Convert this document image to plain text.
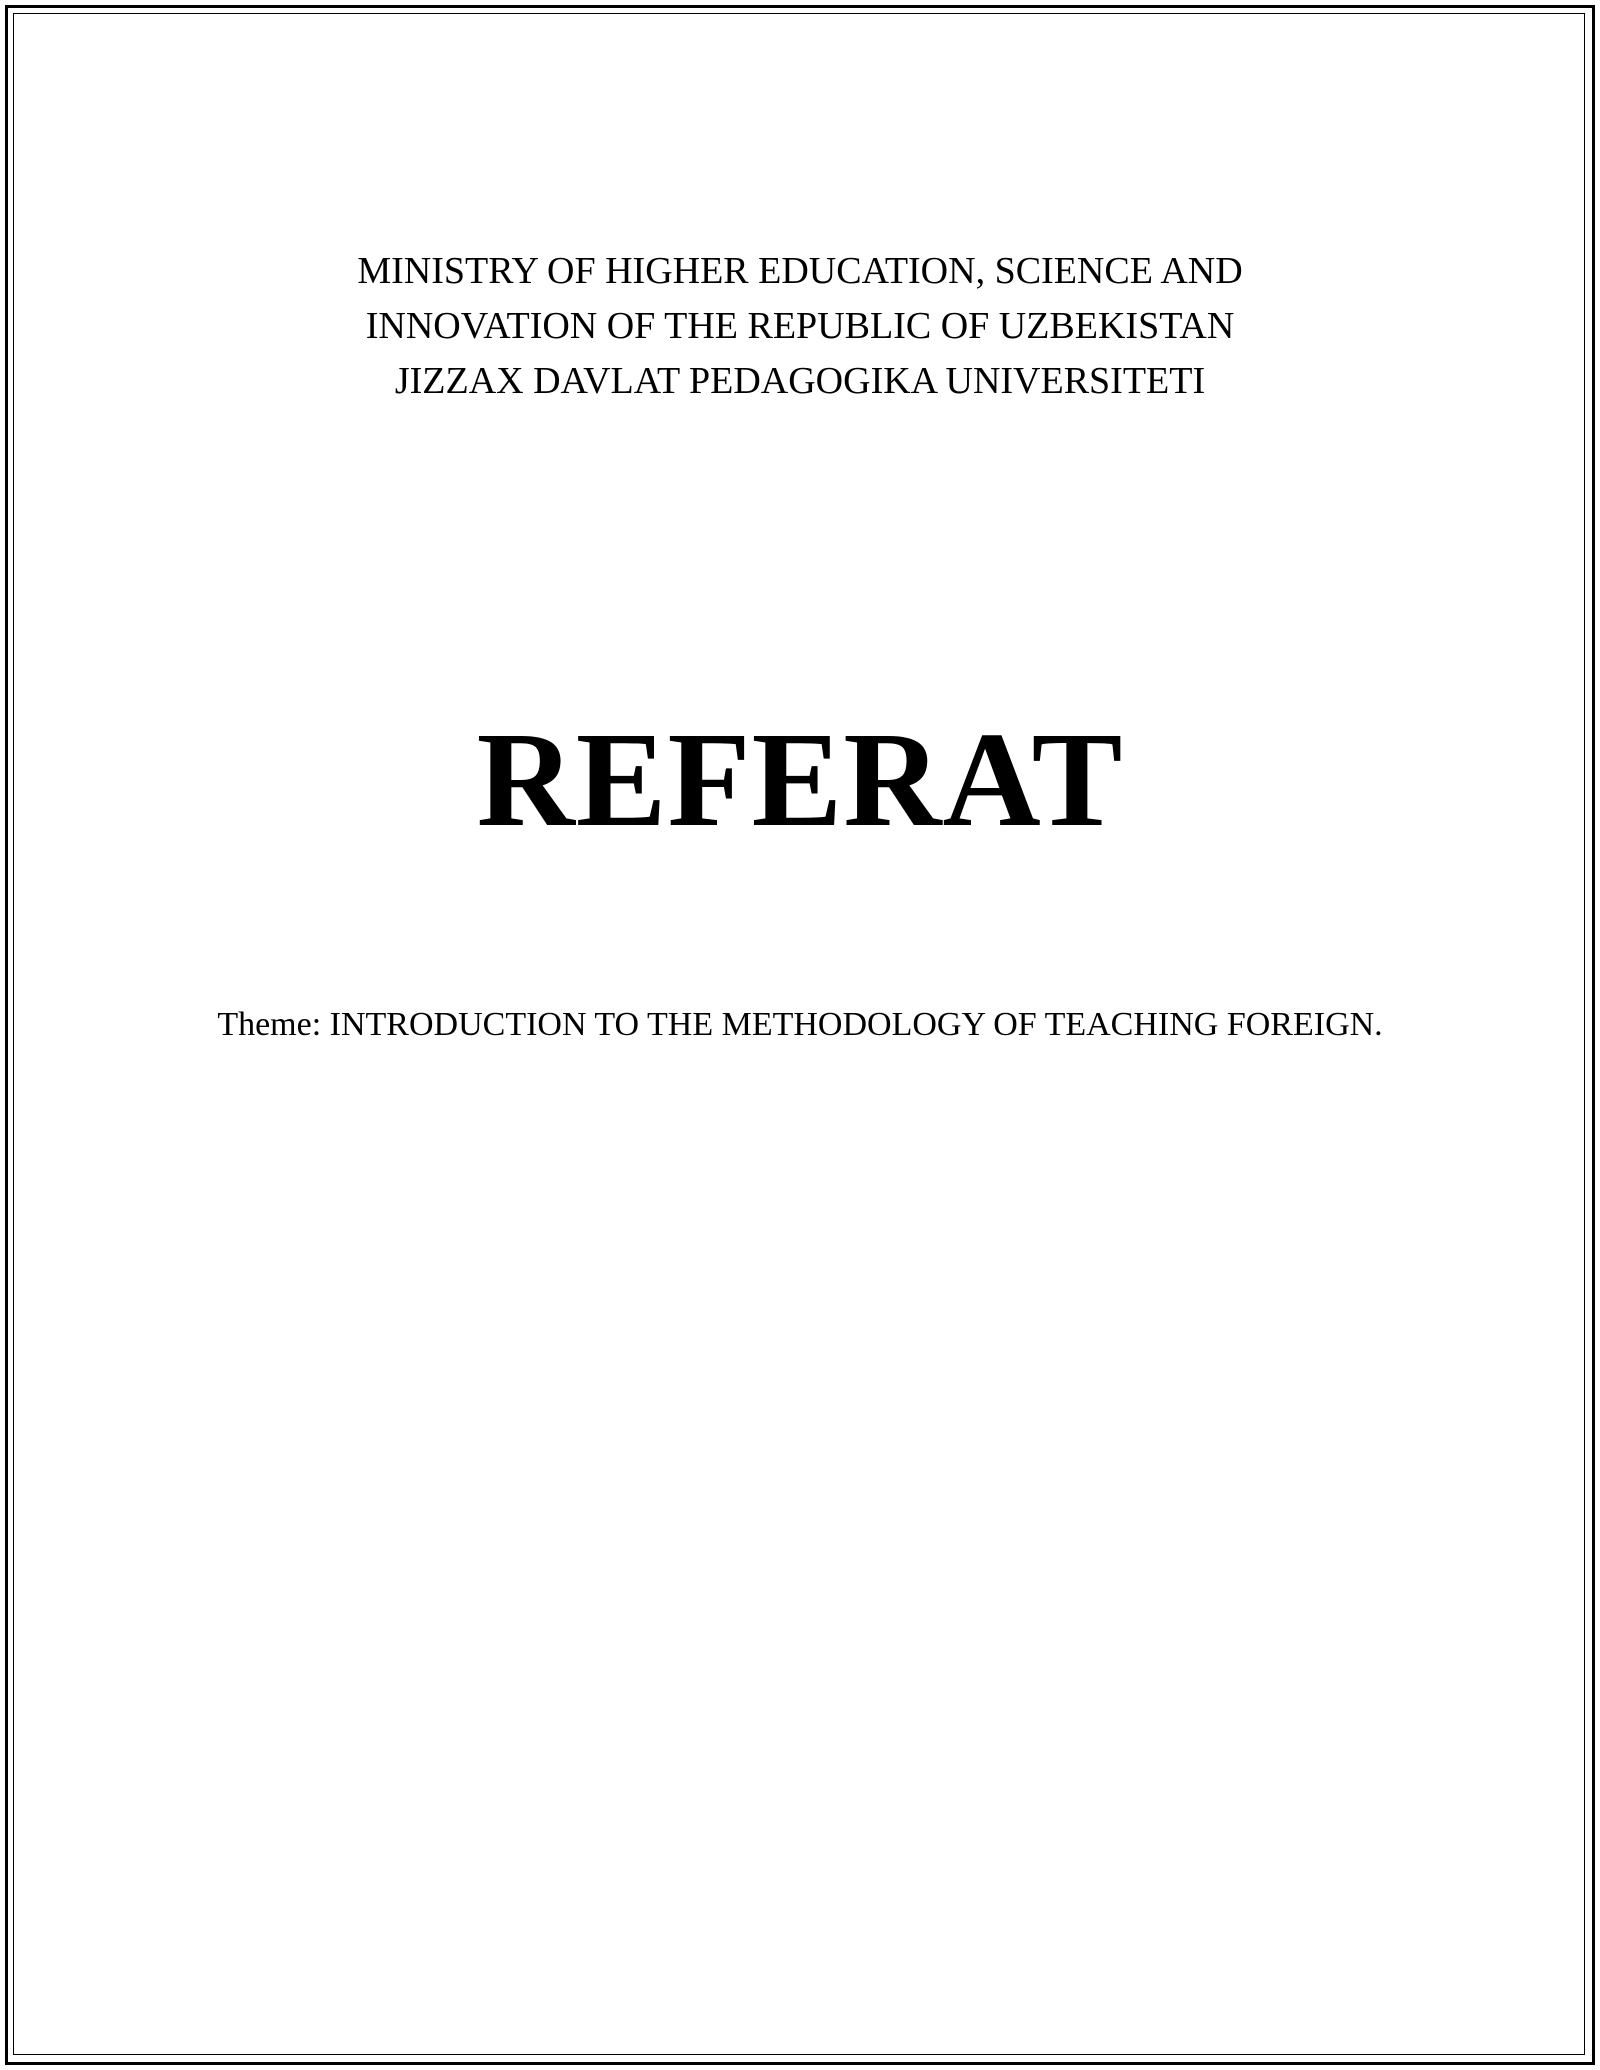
MINISTRY OF HIGHER EDUCATION, SCIENCE AND
INNOVATION OF THE REPUBLIC OF UZBEKISTAN
JIZZAX DAVLAT PEDAGOGIKA UNIVERSITETI
REFERAT
Theme: INTRODUCTION TO THE METHODOLOGY OF TEACHING FOREIGN.
